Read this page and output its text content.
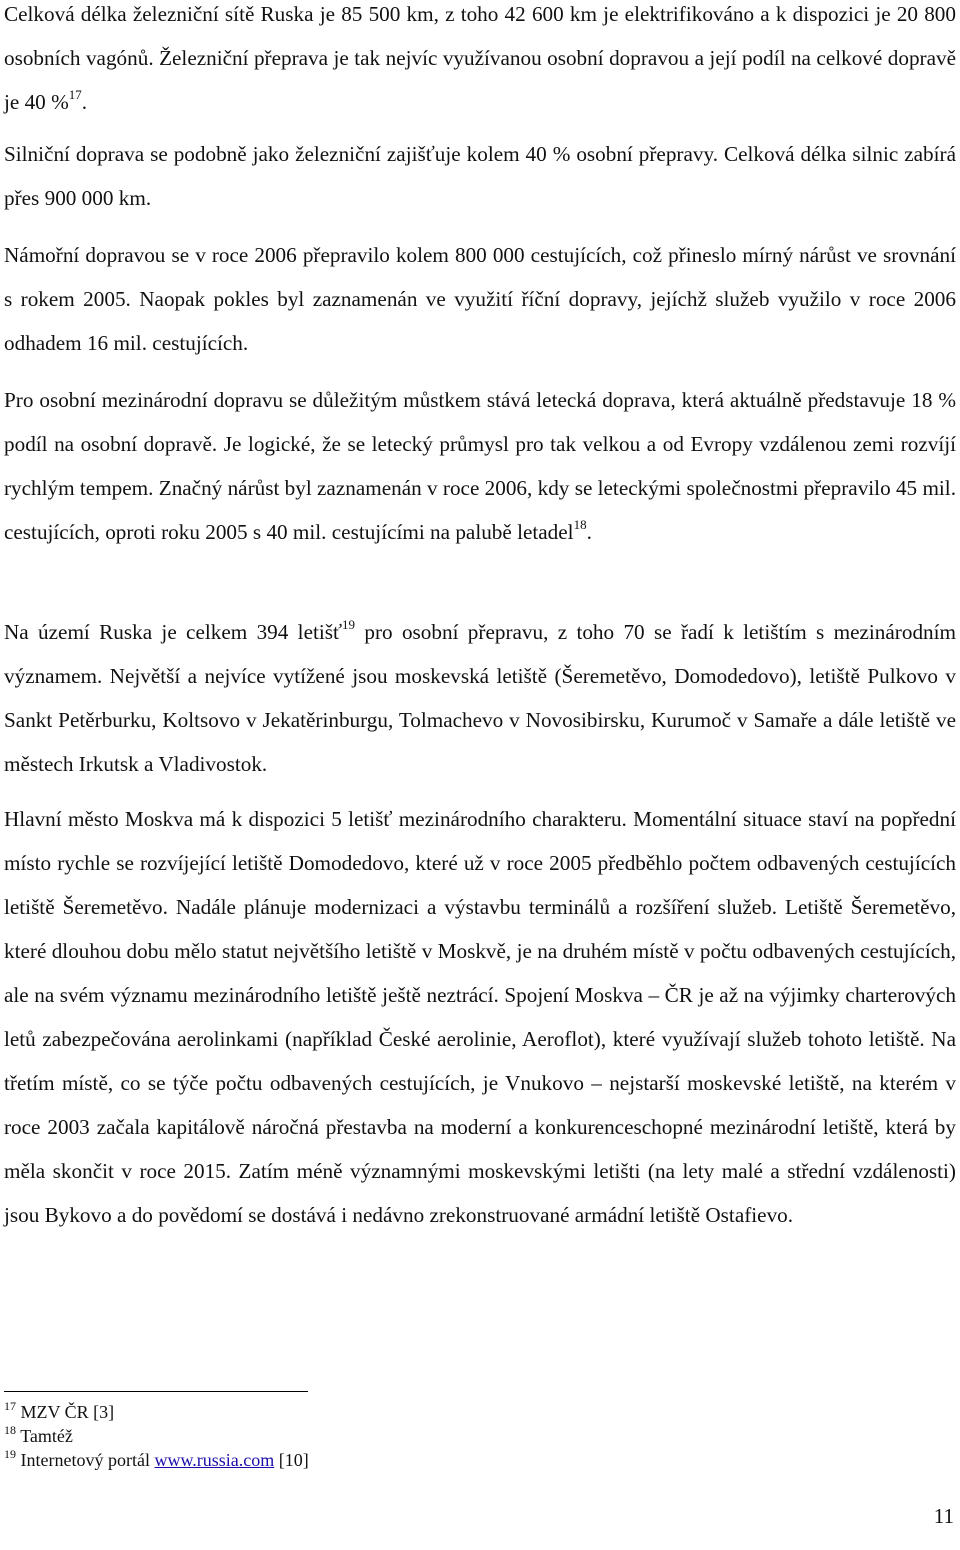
Celková délka železniční sítě Ruska je 85 500 km, z toho 42 600 km je elektrifikováno a k dispozici je 20 800 osobních vagónů. Železniční přeprava je tak nejvíc využívanou osobní dopravou a její podíl na celkové dopravě je 40 %$^{17}$.

Silniční doprava se podobně jako železniční zajišťuje kolem 40 % osobní přepravy. Celková délka silnic zabírá přes 900 000 km.

Námořní dopravou se v roce 2006 přepravilo kolem 800 000 cestujících, což přineslo mírný nárůst ve srovnání s rokem 2005. Naopak pokles byl zaznamenán ve využití říční dopravy, jejíchž služeb využilo v roce 2006 odhadem 16 mil. cestujících.

Pro osobní mezinárodní dopravu se důležitým můstkem stává letecká doprava, která aktuálně představuje 18 % podíl na osobní dopravě. Je logické, že se letecký průmysl pro tak velkou a od Evropy vzdálenou zemi rozvíjí rychlým tempem. Značný nárůst byl zaznamenán v roce 2006, kdy se leteckými společnostmi přepravilo 45 mil. cestujících, oproti roku 2005 s 40 mil. cestujícími na palubě letadel$^{18}$.

Na území Ruska je celkem 394 letišť$^{19}$ pro osobní přepravu, z toho 70 se řadí k letištím s mezinárodním významem. Největší a nejvíce vytížené jsou moskevská letiště (Šeremetěvo, Domodedovo), letiště Pulkovo v Sankt Petěrburku, Koltsovo v Jekatěrinburgu, Tolmachevo v Novosibirsku, Kurumoč v Samaře a dále letiště ve městech Irkutsk a Vladivostok.

Hlavní město Moskva má k dispozici 5 letišť mezinárodního charakteru. Momentální situace staví na popřední místo rychle se rozvíjející letiště Domodedovo, které už v roce 2005 předběhlo počtem odbavených cestujících letiště Šeremetěvo. Nadále plánuje modernizaci a výstavbu terminálů a rozšíření služeb. Letiště Šeremetěvo, které dlouhou dobu mělo statut největšího letiště v Moskvě, je na druhém místě v počtu odbavených cestujících, ale na svém významu mezinárodního letiště ještě neztrácí. Spojení Moskva – ČR je až na výjimky charterových letů zabezpečována aerolinkami (například České aerolinie, Aeroflot), které využívají služeb tohoto letiště. Na třetím místě, co se týče počtu odbavených cestujících, je Vnukovo – nejstarší moskevské letiště, na kterém v roce 2003 začala kapitálově náročná přestavba na moderní a konkurenceschopné mezinárodní letiště, která by měla skončit v roce 2015. Zatím méně významnými moskevskými letišti (na lety malé a střední vzdálenosti) jsou Bykovo a do povědomí se dostává i nedávno zrekonstruované armádní letiště Ostafievo.

$^{17}$ MZV ČR [3]
$^{18}$ Tamtéž
$^{19}$ Internetový portál www.russia.com [10]
11
